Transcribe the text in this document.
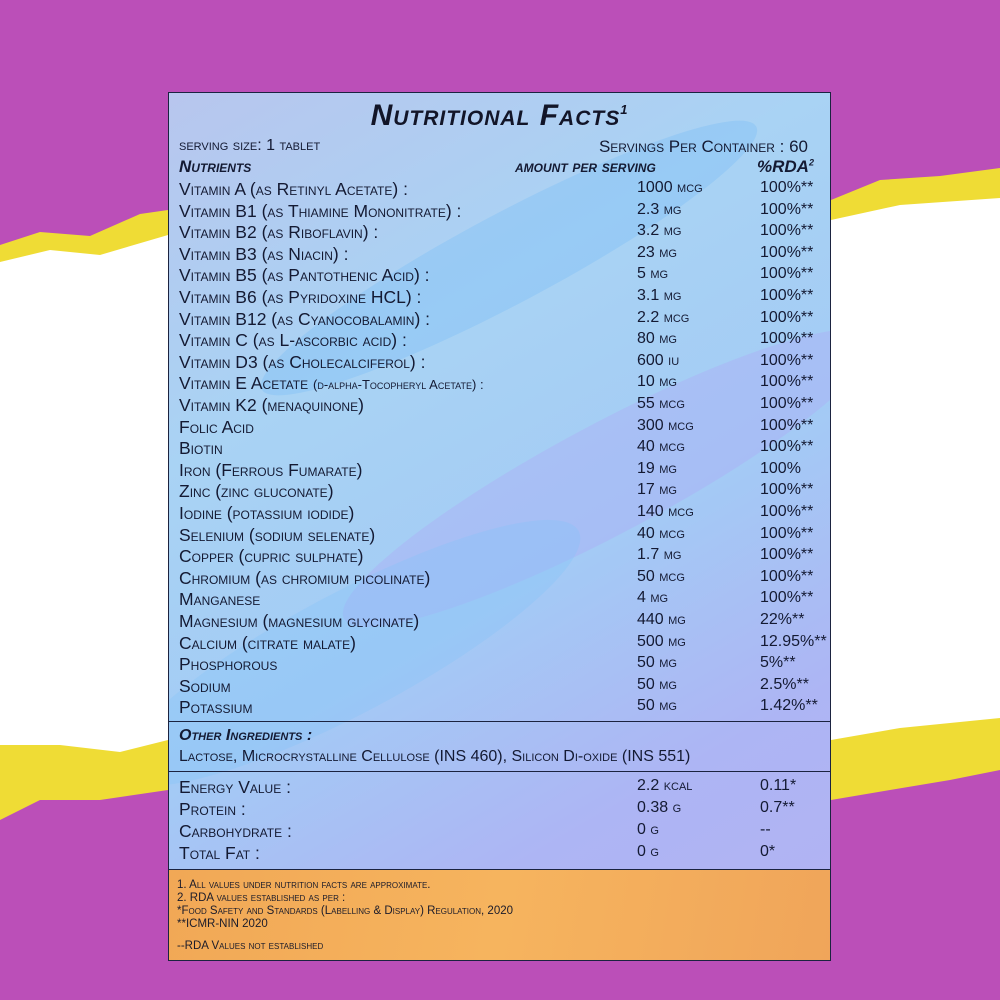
Nutritional Facts$^1$
serving size: 1 tablet	Servings Per Container : 60
Nutrients	amount per serving	%RDA$^2$
Vitamin A (as Retinyl Acetate) :	1000 mcg	100%**
Vitamin B1 (as Thiamine Mononitrate) :	2.3 mg	100%**
Vitamin B2 (as Riboflavin) :	3.2 mg	100%**
Vitamin B3 (as Niacin) :	23 mg	100%**
Vitamin B5 (as Pantothenic Acid) :	5 mg	100%**
Vitamin B6 (as Pyridoxine HCL) :	3.1 mg	100%**
Vitamin B12 (as Cyanocobalamin) :	2.2 mcg	100%**
Vitamin C (as L-ascorbic acid) :	80 mg	100%**
Vitamin D3 (as Cholecalciferol) :	600 iu	100%**
Vitamin E Acetate (d-alpha-Tocopheryl Acetate) :	10 mg	100%**
Vitamin K2 (menaquinone)	55 mcg	100%**
Folic Acid	300 mcg	100%**
Biotin	40 mcg	100%**
Iron (Ferrous Fumarate)	19 mg	100%
Zinc (zinc gluconate)	17 mg	100%**
Iodine (potassium iodide)	140 mcg	100%**
Selenium (sodium selenate)	40 mcg	100%**
Copper (cupric sulphate)	1.7 mg	100%**
Chromium (as chromium picolinate)	50 mcg	100%**
Manganese	4 mg	100%**
Magnesium (magnesium glycinate)	440 mg	22%**
Calcium (citrate malate)	500 mg	12.95%**
Phosphorous	50 mg	5%**
Sodium	50 mg	2.5%**
Potassium	50 mg	1.42%**
Other Ingredients :
Lactose, Microcrystalline Cellulose (INS 460), Silicon Di-oxide (INS 551)
Energy Value :	2.2 kcal	0.11*
Protein :	0.38 g	0.7**
Carbohydrate :	0 g	--
Total Fat :	0 g	0*
1. All values under nutrition facts are approximate.
2. RDA values established as per :
*Food Safety and Standards (Labelling & Display) Regulation, 2020
**ICMR-NIN 2020
--RDA Values not established
